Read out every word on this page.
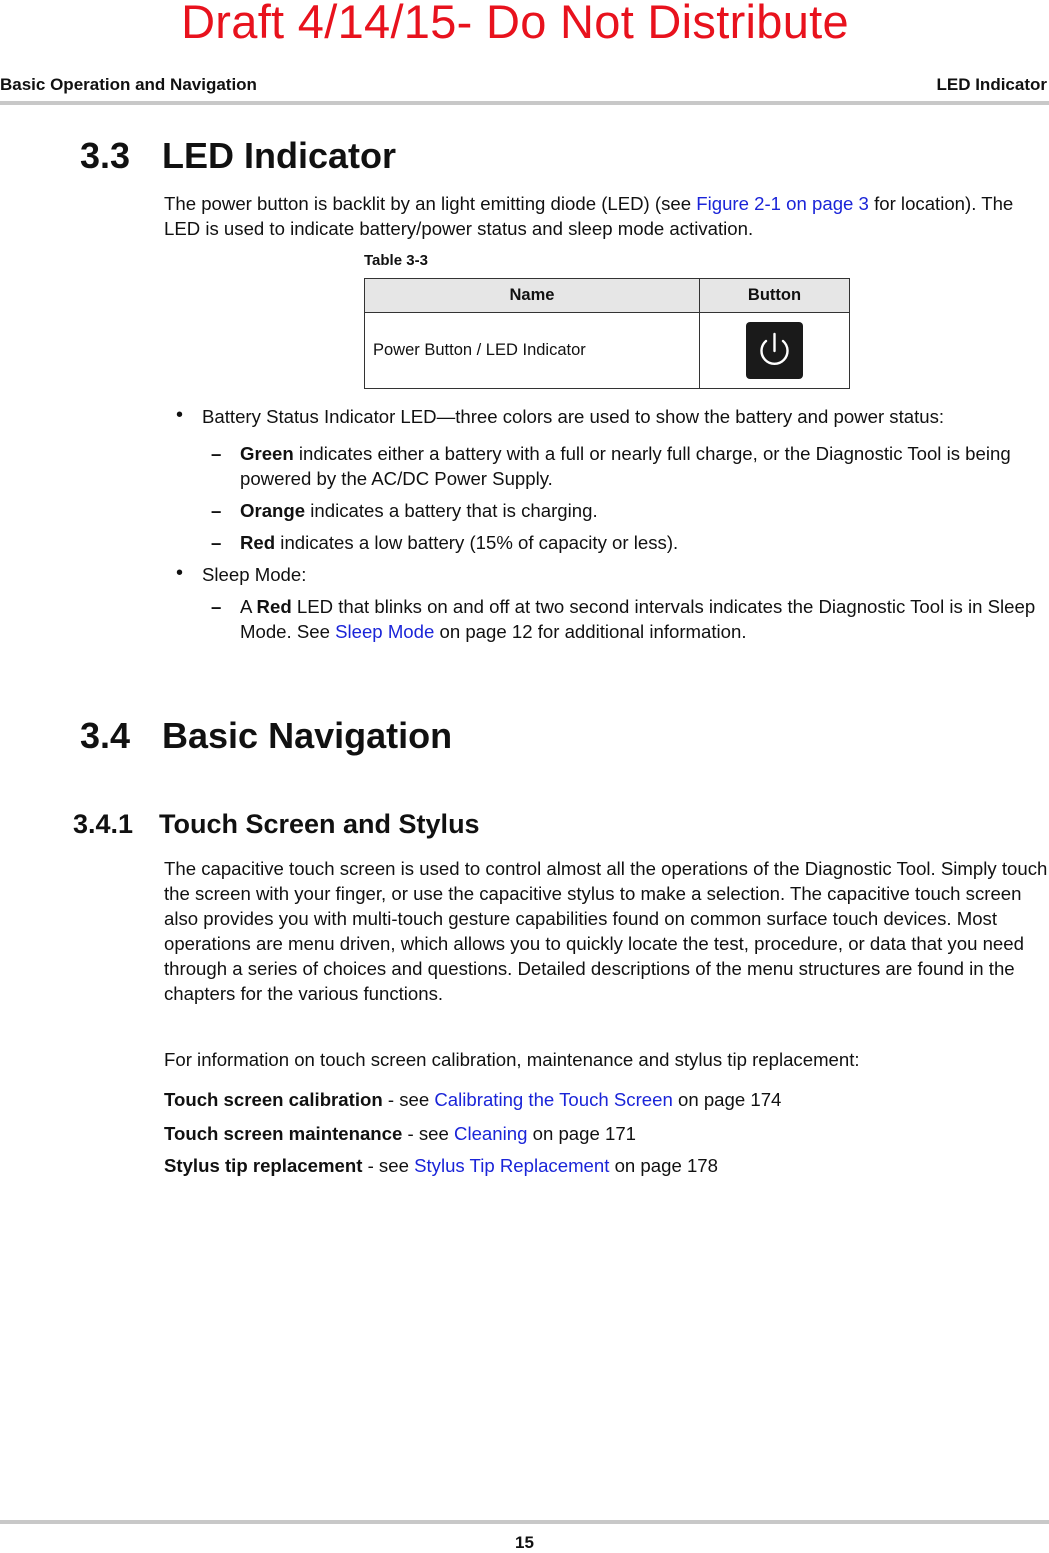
Draft 4/14/15- Do Not Distribute
Basic Operation and Navigation	LED Indicator
3.3 LED Indicator
The power button is backlit by an light emitting diode (LED) (see Figure 2-1 on page 3 for location). The LED is used to indicate battery/power status and sleep mode activation.
Table 3-3
Name	Button
Power Button / LED Indicator	
• Battery Status Indicator LED—three colors are used to show the battery and power status:
– Green indicates either a battery with a full or nearly full charge, or the Diagnostic Tool is being powered by the AC/DC Power Supply.
– Orange indicates a battery that is charging.
– Red indicates a low battery (15% of capacity or less).
• Sleep Mode:
– A Red LED that blinks on and off at two second intervals indicates the Diagnostic Tool is in Sleep Mode. See Sleep Mode on page 12 for additional information.
3.4 Basic Navigation
3.4.1 Touch Screen and Stylus
The capacitive touch screen is used to control almost all the operations of the Diagnostic Tool. Simply touch the screen with your finger, or use the capacitive stylus to make a selection. The capacitive touch screen also provides you with multi-touch gesture capabilities found on common surface touch devices. Most operations are menu driven, which allows you to quickly locate the test, procedure, or data that you need through a series of choices and questions. Detailed descriptions of the menu structures are found in the chapters for the various functions.
For information on touch screen calibration, maintenance and stylus tip replacement:
Touch screen calibration - see Calibrating the Touch Screen on page 174
Touch screen maintenance - see Cleaning on page 171
Stylus tip replacement - see Stylus Tip Replacement on page 178
15
